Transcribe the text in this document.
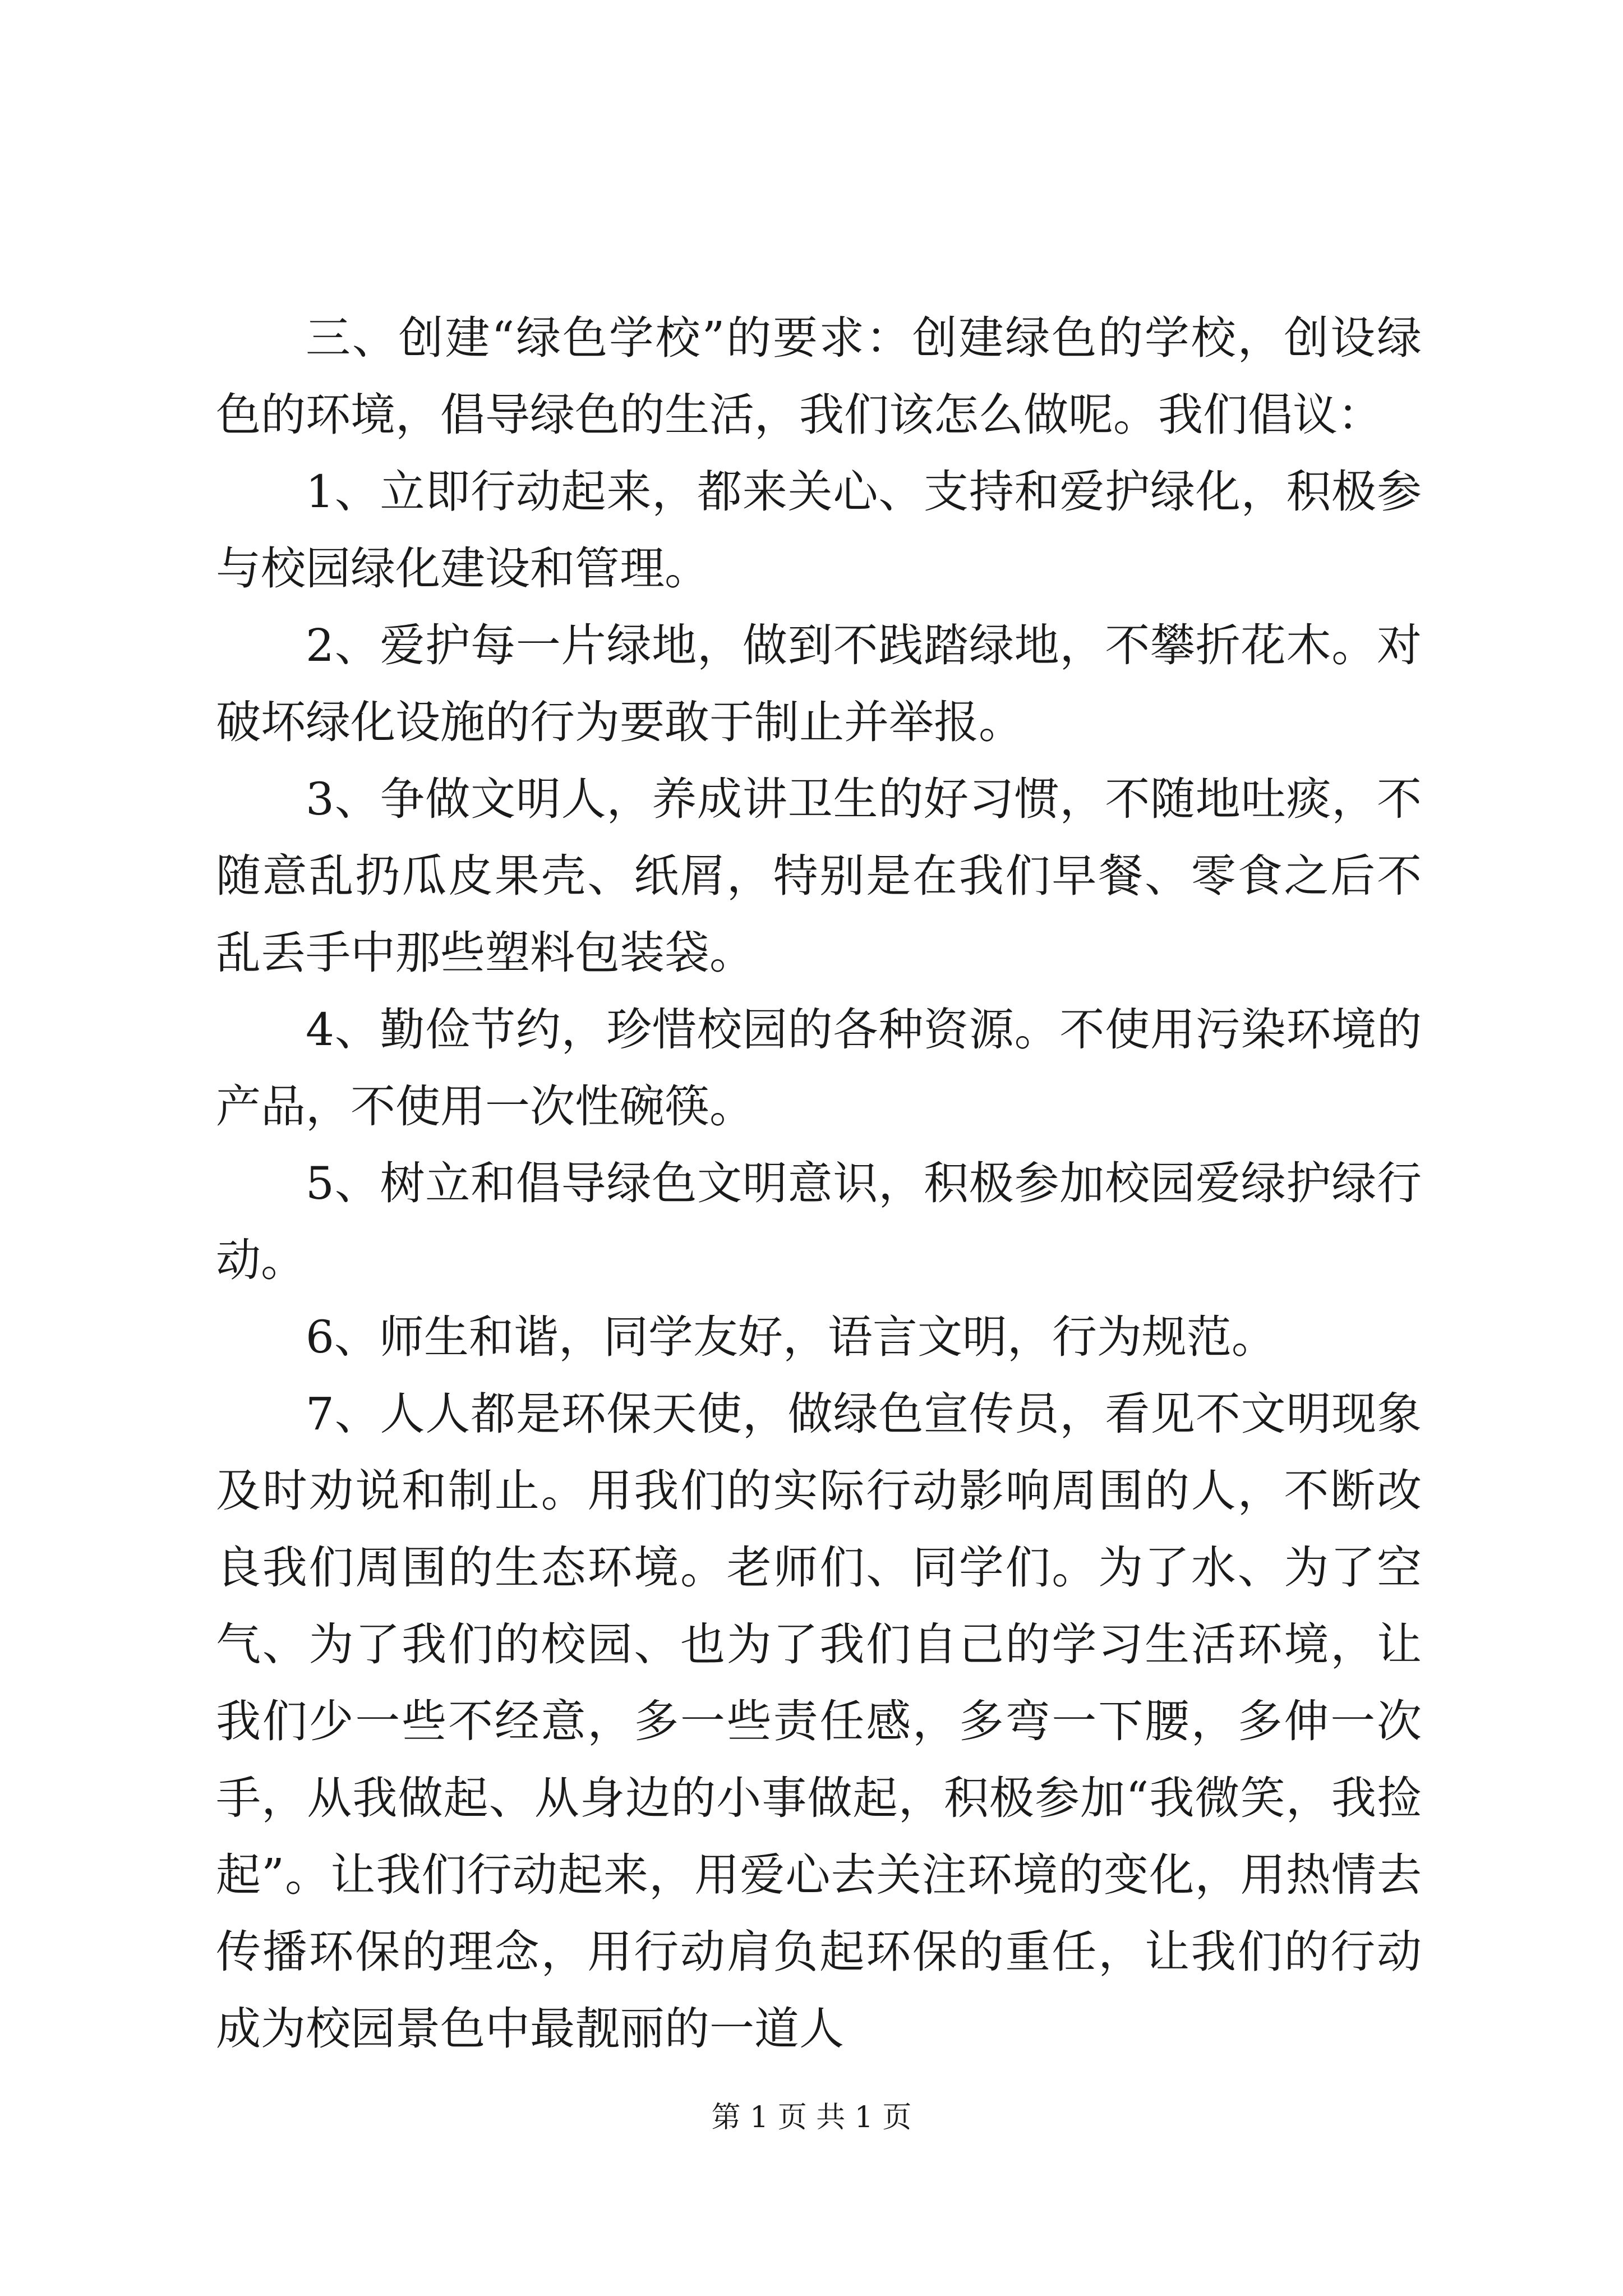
三、创建“绿色学校”的要求：创建绿色的学校，创设绿色的环境，倡导绿色的生活，我们该怎么做呢。我们倡议：

1、立即行动起来，都来关心、支持和爱护绿化，积极参与校园绿化建设和管理。

2、爱护每一片绿地，做到不践踏绿地，不攀折花木。对破坏绿化设施的行为要敢于制止并举报。

3、争做文明人，养成讲卫生的好习惯，不随地吐痰，不随意乱扔瓜皮果壳、纸屑，特别是在我们早餐、零食之后不乱丢手中那些塑料包装袋。

4、勤俭节约，珍惜校园的各种资源。不使用污染环境的产品，不使用一次性碗筷。

5、树立和倡导绿色文明意识，积极参加校园爱绿护绿行动。

6、师生和谐，同学友好，语言文明，行为规范。

7、人人都是环保天使，做绿色宣传员，看见不文明现象及时劝说和制止。用我们的实际行动影响周围的人，不断改良我们周围的生态环境。老师们、同学们。为了水、为了空气、为了我们的校园、也为了我们自己的学习生活环境，让我们少一些不经意，多一些责任感，多弯一下腰，多伸一次手，从我做起、从身边的小事做起，积极参加“我微笑，我捡起”。让我们行动起来，用爱心去关注环境的变化，用热情去传播环保的理念，用行动肩负起环保的重任，让我们的行动成为校园景色中最靓丽的一道人

第 1 页 共 1 页
